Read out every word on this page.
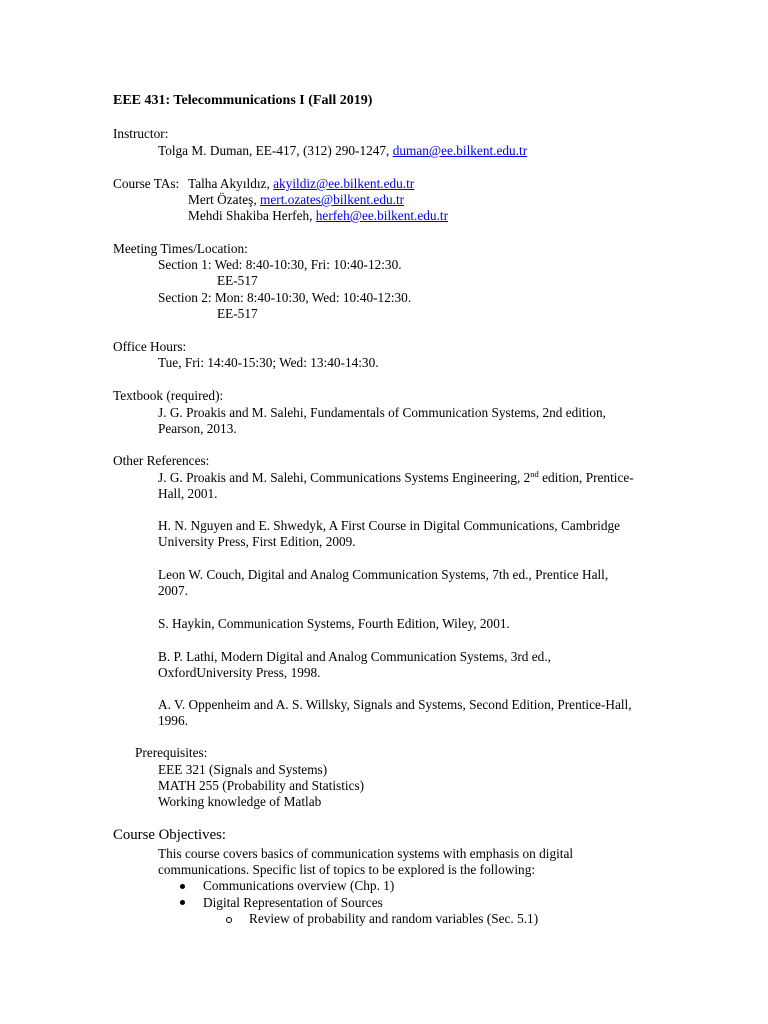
EEE 431: Telecommunications I (Fall 2019)
Instructor:
Tolga M. Duman, EE-417, (312) 290-1247, duman@ee.bilkent.edu.tr
Course TAs: Talha Akyıldız, akyildiz@ee.bilkent.edu.tr
Mert Özateş, mert.ozates@bilkent.edu.tr
Mehdi Shakiba Herfeh, herfeh@ee.bilkent.edu.tr
Meeting Times/Location:
Section 1: Wed: 8:40-10:30, Fri: 10:40-12:30.
EE-517
Section 2: Mon: 8:40-10:30, Wed: 10:40-12:30.
EE-517
Office Hours:
Tue, Fri: 14:40-15:30; Wed: 13:40-14:30.
Textbook (required):
J. G. Proakis and M. Salehi, Fundamentals of Communication Systems, 2nd edition,
Pearson, 2013.
Other References:
J. G. Proakis and M. Salehi, Communications Systems Engineering, 2nd edition, Prentice-
Hall, 2001.
H. N. Nguyen and E. Shwedyk, A First Course in Digital Communications, Cambridge
University Press, First Edition, 2009.
Leon W. Couch, Digital and Analog Communication Systems, 7th ed., Prentice Hall,
2007.
S. Haykin, Communication Systems, Fourth Edition, Wiley, 2001.
B. P. Lathi, Modern Digital and Analog Communication Systems, 3rd ed.,
OxfordUniversity Press, 1998.
A. V. Oppenheim and A. S. Willsky, Signals and Systems, Second Edition, Prentice-Hall,
1996.
Prerequisites:
EEE 321 (Signals and Systems)
MATH 255 (Probability and Statistics)
Working knowledge of Matlab
Course Objectives:
This course covers basics of communication systems with emphasis on digital
communications. Specific list of topics to be explored is the following:
Communications overview (Chp. 1)
Digital Representation of Sources
Review of probability and random variables (Sec. 5.1)
